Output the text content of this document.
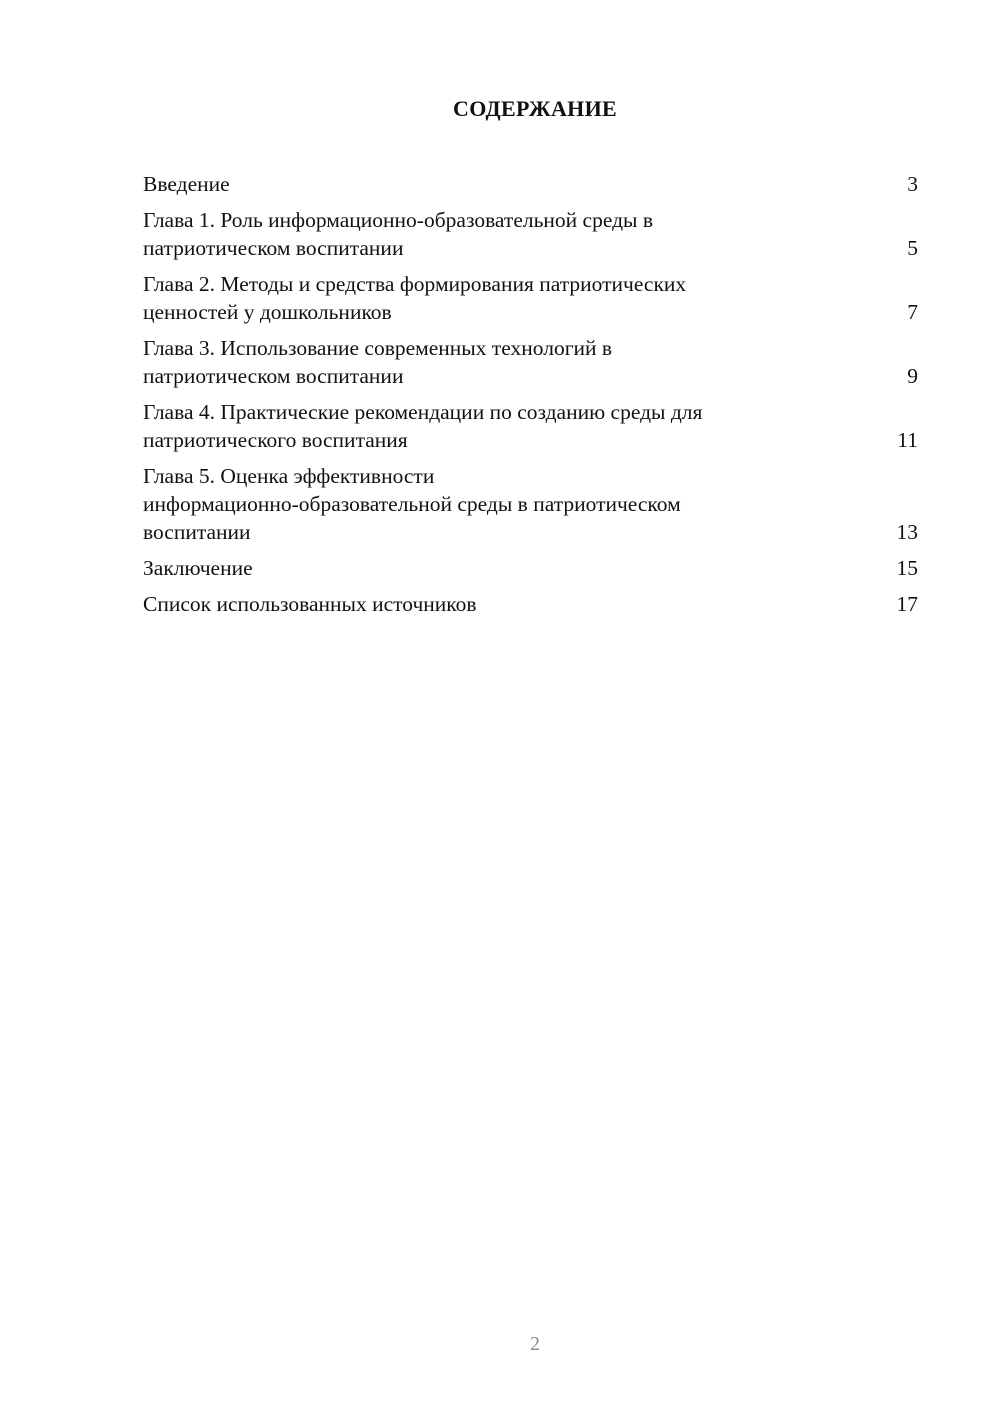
СОДЕРЖАНИЕ
Введение	3
Глава 1. Роль информационно-образовательной среды в
патриотическом воспитании	5
Глава 2. Методы и средства формирования патриотических
ценностей у дошкольников	7
Глава 3. Использование современных технологий в
патриотическом воспитании	9
Глава 4. Практические рекомендации по созданию среды для
патриотического воспитания	11
Глава 5. Оценка эффективности
информационно-образовательной среды в патриотическом
воспитании	13
Заключение	15
Список использованных источников	17
2
